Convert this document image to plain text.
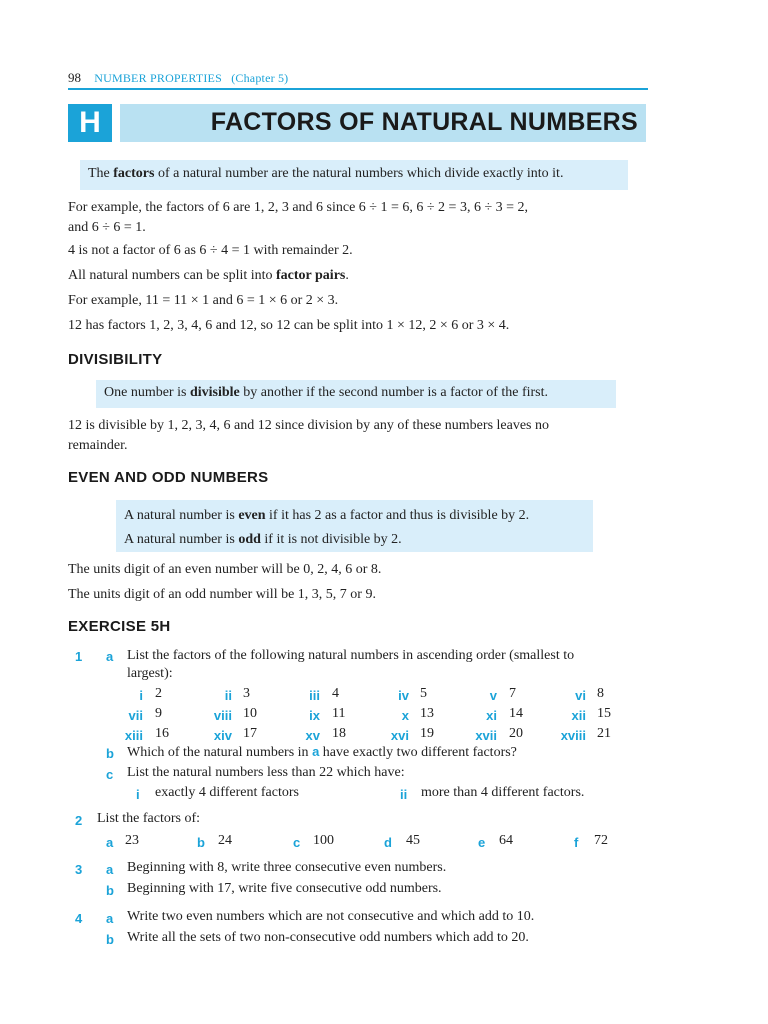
98 NUMBER PROPERTIES (Chapter 5)
H	FACTORS OF NATURAL NUMBERS
The factors of a natural number are the natural numbers which divide exactly into it.
For example, the factors of 6 are 1, 2, 3 and 6 since 6 ÷ 1 = 6, 6 ÷ 2 = 3, 6 ÷ 3 = 2,
and 6 ÷ 6 = 1.
4 is not a factor of 6 as 6 ÷ 4 = 1 with remainder 2.
All natural numbers can be split into factor pairs.
For example, 11 = 11 × 1 and 6 = 1 × 6 or 2 × 3.
12 has factors 1, 2, 3, 4, 6 and 12, so 12 can be split into 1 × 12, 2 × 6 or 3 × 4.
DIVISIBILITY
One number is divisible by another if the second number is a factor of the first.
12 is divisible by 1, 2, 3, 4, 6 and 12 since division by any of these numbers leaves no
remainder.
EVEN AND ODD NUMBERS
A natural number is even if it has 2 as a factor and thus is divisible by 2.
A natural number is odd if it is not divisible by 2.
The units digit of an even number will be 0, 2, 4, 6 or 8.
The units digit of an odd number will be 1, 3, 5, 7 or 9.
EXERCISE 5H
1 a List the factors of the following natural numbers in ascending order (smallest to
largest):
i 2	ii 3	iii 4	iv 5	v 7	vi 8
vii 9	viii 10	ix 11	x 13	xi 14	xii 15
xiii 16	xiv 17	xv 18	xvi 19	xvii 20	xviii 21
b Which of the natural numbers in a have exactly two different factors?
c List the natural numbers less than 22 which have:
i exactly 4 different factors	ii more than 4 different factors.
2 List the factors of:
a 23	b 24	c 100	d 45	e 64	f 72
3 a Beginning with 8, write three consecutive even numbers.
b Beginning with 17, write five consecutive odd numbers.
4 a Write two even numbers which are not consecutive and which add to 10.
b Write all the sets of two non-consecutive odd numbers which add to 20.
